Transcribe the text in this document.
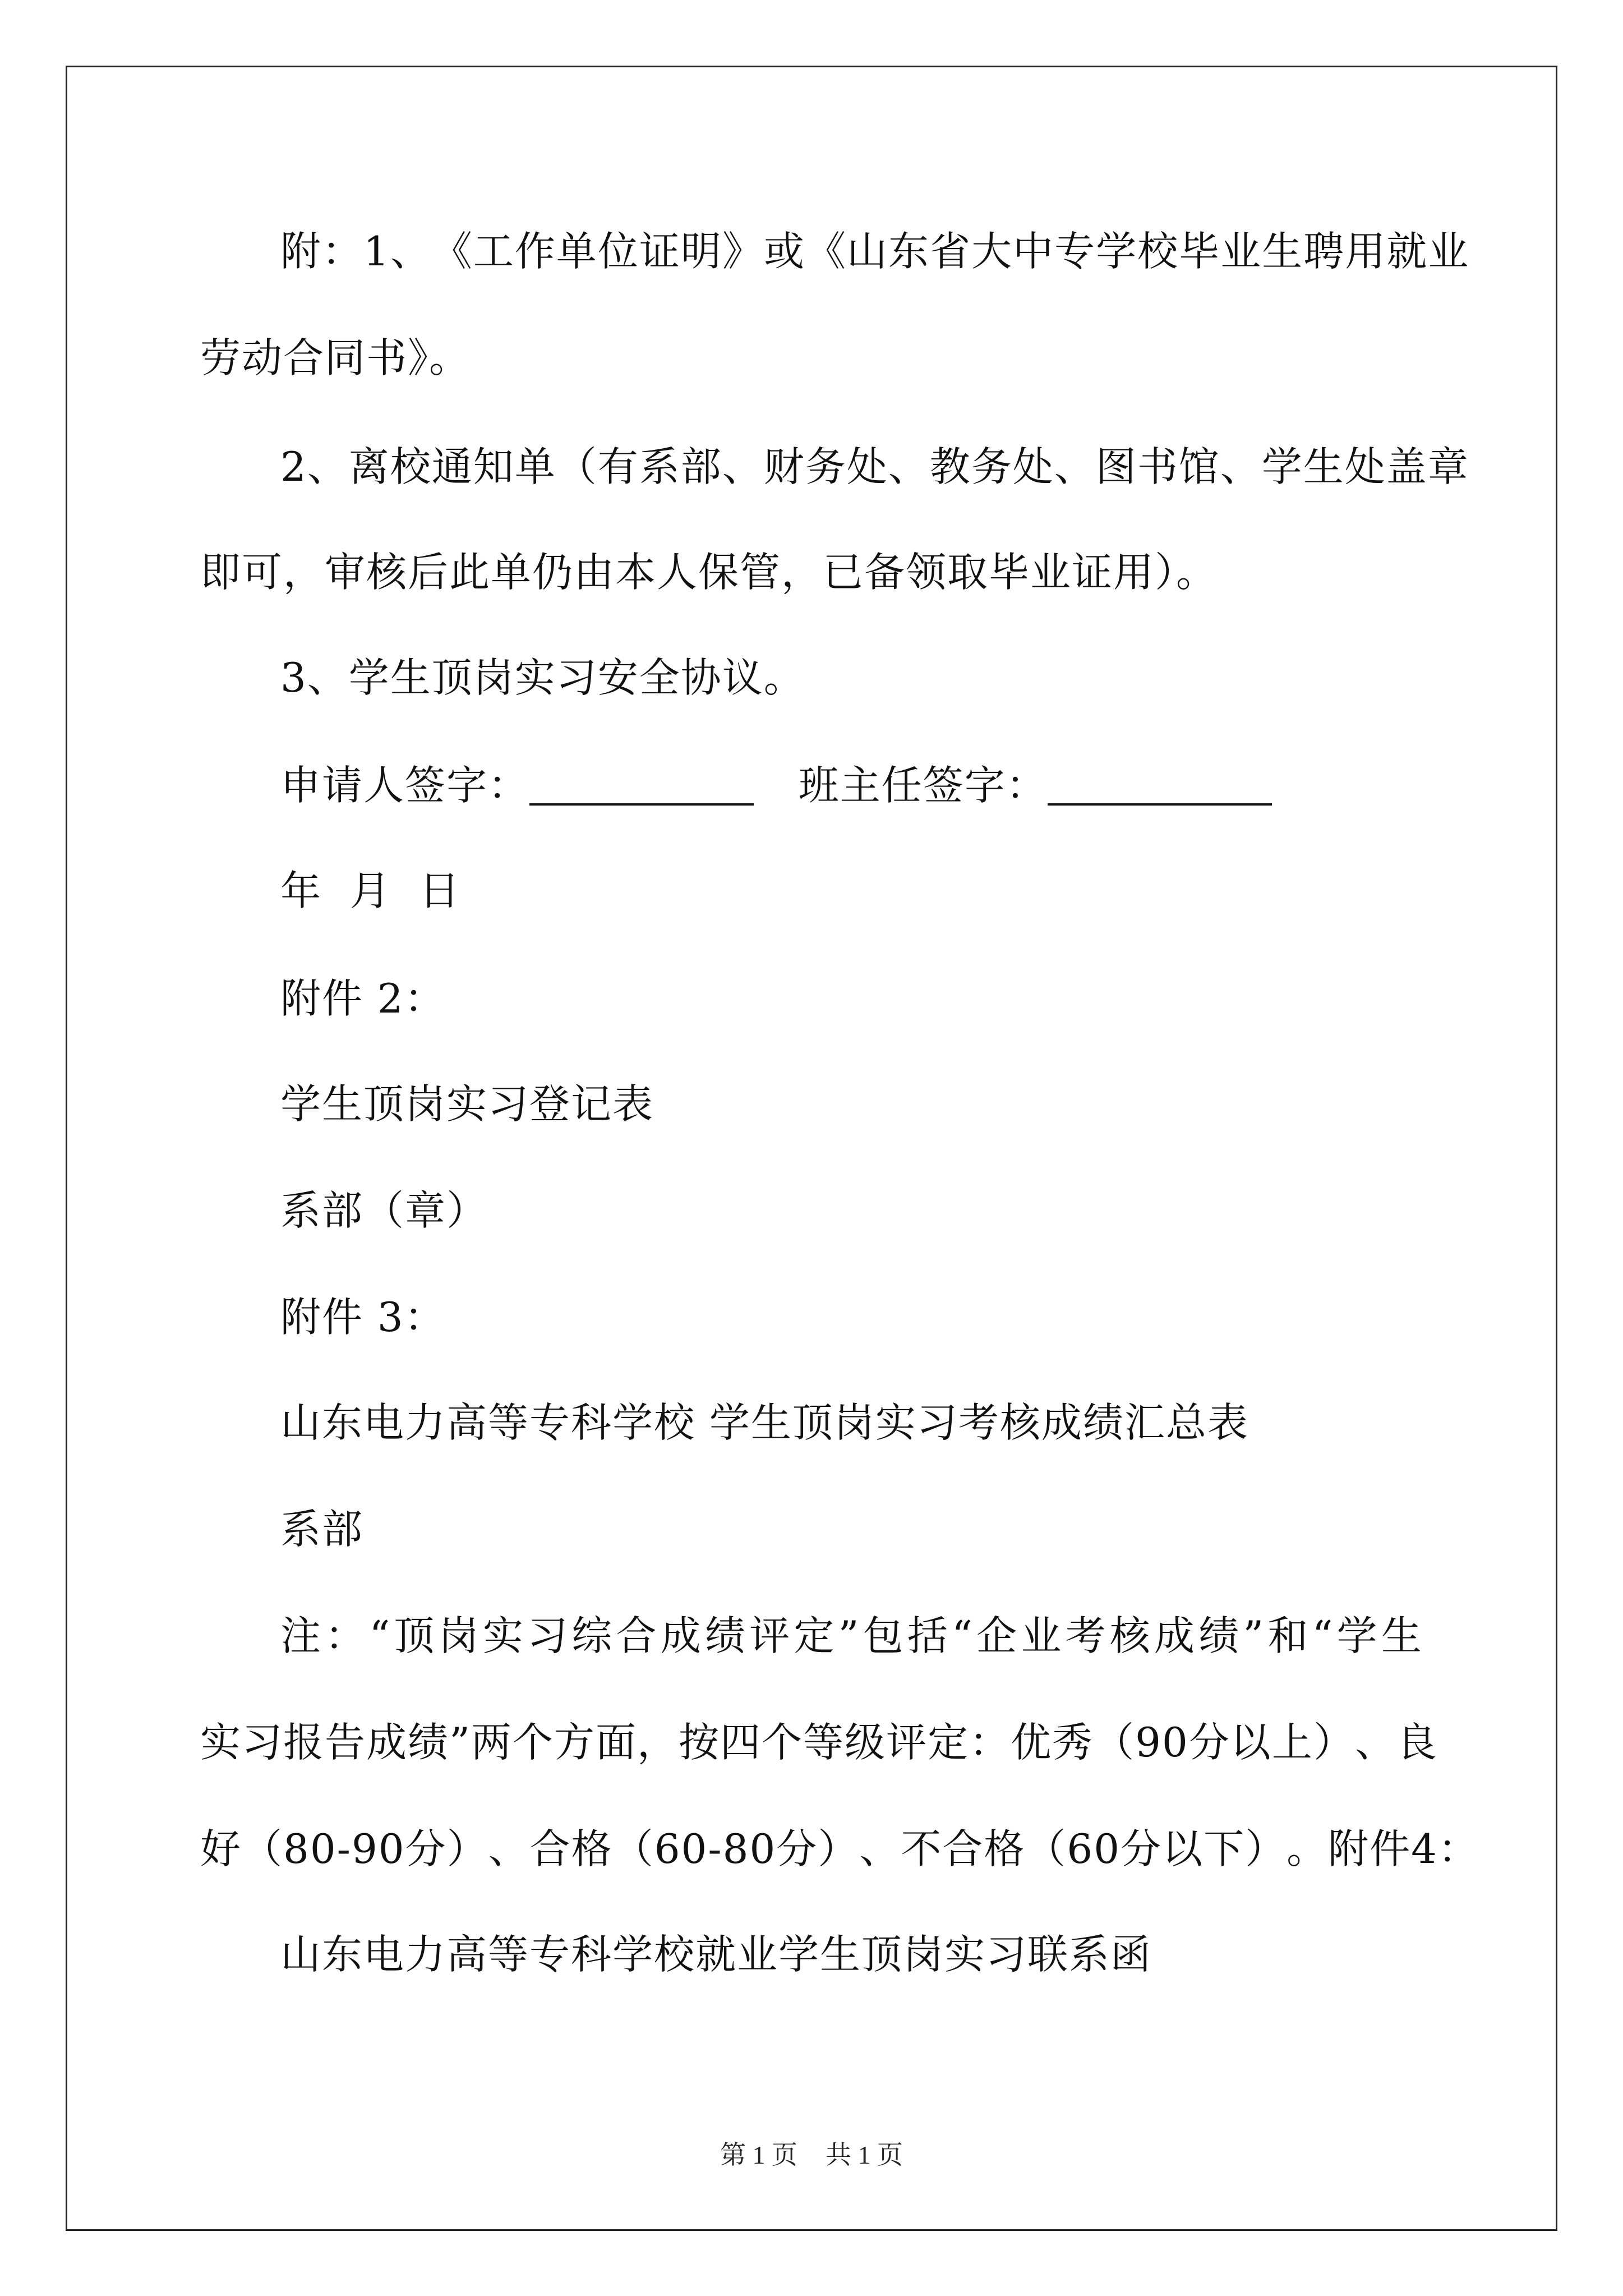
附 ： 1 、 《 工 作 单 位 证 明 》 或 《 山 东 省 大 中 专 学 校 毕 业 生 聘 用 就 业
劳动合同书》。
2、离校通知单（有系部、财务处、教务处、图书馆、学生处盖章
即可，审核后此单仍由本人保管，已备领取毕业证用）。
3、学生顶岗实习安全协议。
申请人签字：	班主任签字：
年  月  日
附件 2：
学生顶岗实习登记表
系部（章）
附件 3：
山东电力高等专科学校 学生顶岗实习考核成绩汇总表
系部
注 ： “ 顶 岗 实 习 综 合 成 绩 评 定 ” 包 括 “ 企 业 考 核 成 绩 ” 和 “ 学 生
实 习 报 告 成 绩 ” 两 个 方 面 ， 按 四 个 等 级 评 定 ： 优 秀 （ 9 0 分 以 上 ） 、 良
好 （ 8 0 - 9 0 分 ） 、 合 格 （ 6 0 - 8 0 分 ） 、 不 合 格 （ 6 0 分 以 下 ） 。 附 件 4 ：
山东电力高等专科学校就业学生顶岗实习联系函
第 1 页 共 1 页
